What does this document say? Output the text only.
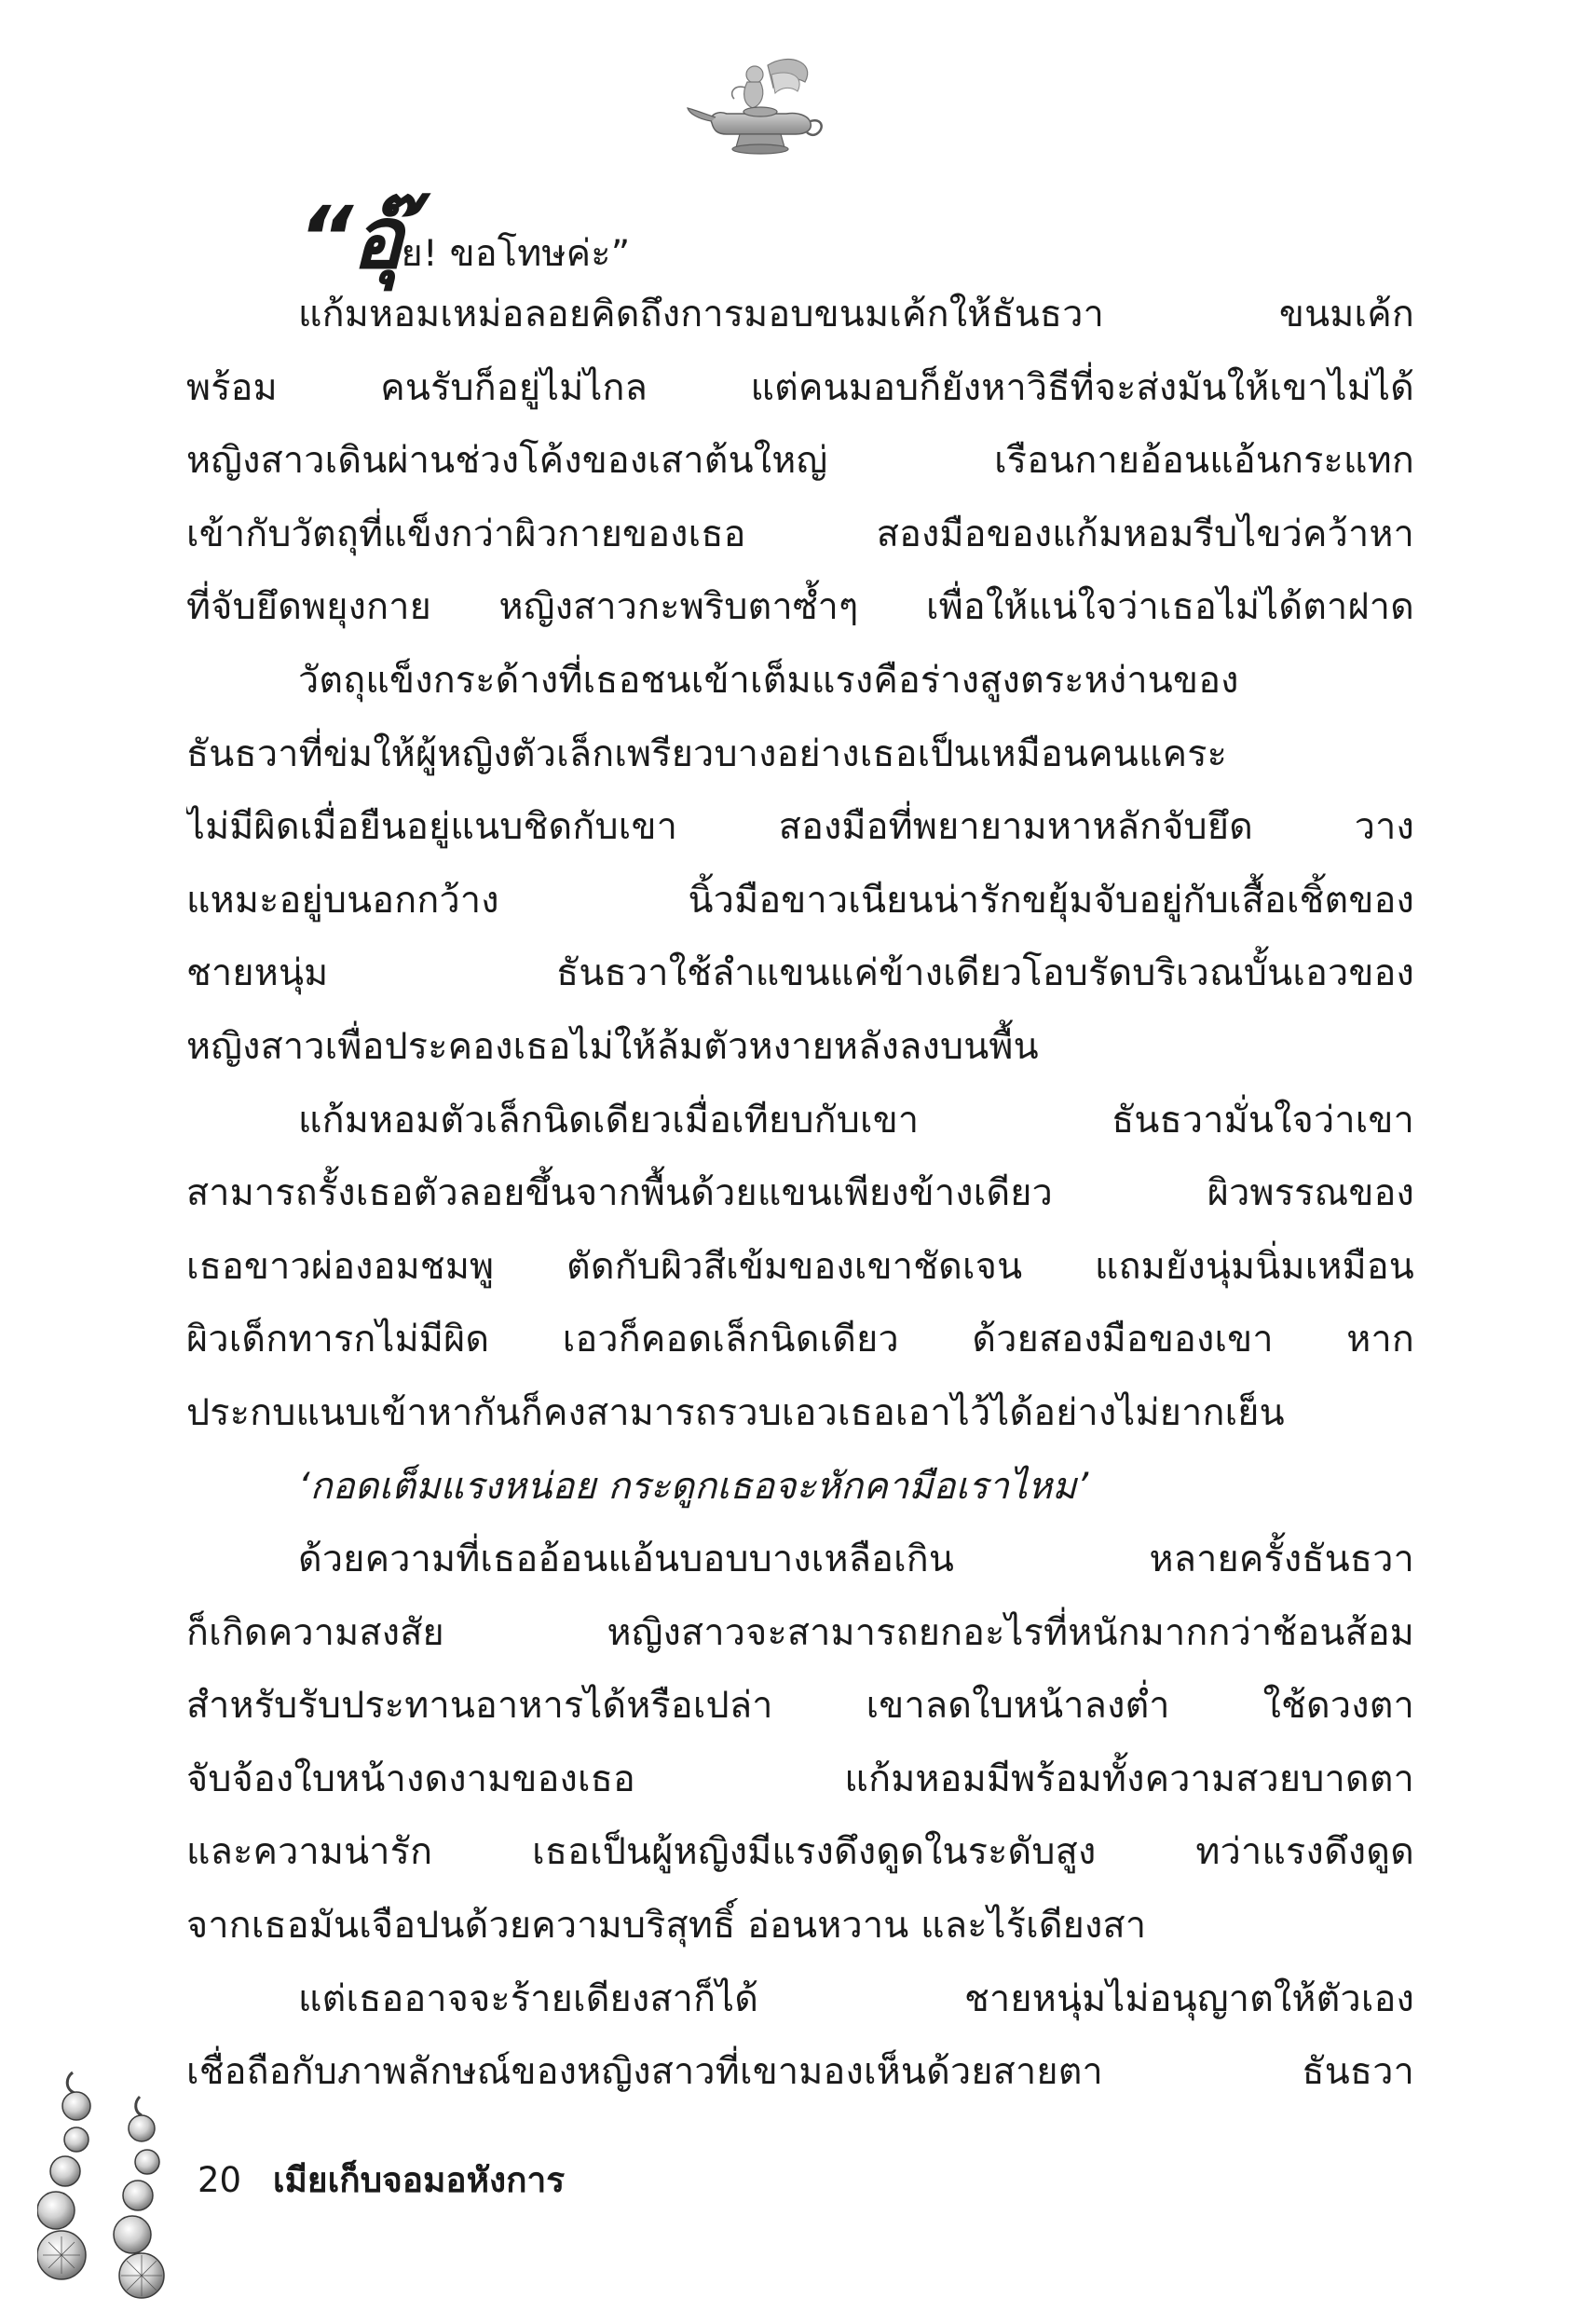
“อุ๊ย! ขอโทษค่ะ”
แก้มหอมเหม่อลอยคิดถึงการมอบขนมเค้กให้ธันธวา ขนมเค้ก
พร้อม คนรับก็อยู่ไม่ไกล แต่คนมอบก็ยังหาวิธีที่จะส่งมันให้เขาไม่ได้
หญิงสาวเดินผ่านช่วงโค้งของเสาต้นใหญ่ เรือนกายอ้อนแอ้นกระแทก
เข้ากับวัตถุที่แข็งกว่าผิวกายของเธอ สองมือของแก้มหอมรีบไขว่คว้าหา
ที่จับยึดพยุงกาย หญิงสาวกะพริบตาซ้ำๆ เพื่อให้แน่ใจว่าเธอไม่ได้ตาฝาด
วัตถุแข็งกระด้างที่เธอชนเข้าเต็มแรงคือร่างสูงตระหง่านของ
ธันธวาที่ข่มให้ผู้หญิงตัวเล็กเพรียวบางอย่างเธอเป็นเหมือนคนแคระ
ไม่มีผิดเมื่อยืนอยู่แนบชิดกับเขา สองมือที่พยายามหาหลักจับยึด วาง
แหมะอยู่บนอกกว้าง นิ้วมือขาวเนียนน่ารักขยุ้มจับอยู่กับเสื้อเชิ้ตของ
ชายหนุ่ม ธันธวาใช้ลำแขนแค่ข้างเดียวโอบรัดบริเวณบั้นเอวของ
หญิงสาวเพื่อประคองเธอไม่ให้ล้มตัวหงายหลังลงบนพื้น
แก้มหอมตัวเล็กนิดเดียวเมื่อเทียบกับเขา ธันธวามั่นใจว่าเขา
สามารถรั้งเธอตัวลอยขึ้นจากพื้นด้วยแขนเพียงข้างเดียว ผิวพรรณของ
เธอขาวผ่องอมชมพู ตัดกับผิวสีเข้มของเขาชัดเจน แถมยังนุ่มนิ่มเหมือน
ผิวเด็กทารกไม่มีผิด เอวก็คอดเล็กนิดเดียว ด้วยสองมือของเขา หาก
ประกบแนบเข้าหากันก็คงสามารถรวบเอวเธอเอาไว้ได้อย่างไม่ยากเย็น
‘กอดเต็มแรงหน่อย กระดูกเธอจะหักคามือเราไหม’
ด้วยความที่เธออ้อนแอ้นบอบบางเหลือเกิน หลายครั้งธันธวา
ก็เกิดความสงสัย หญิงสาวจะสามารถยกอะไรที่หนักมากกว่าช้อนส้อม
สำหรับรับประทานอาหารได้หรือเปล่า เขาลดใบหน้าลงต่ำ ใช้ดวงตา
จับจ้องใบหน้างดงามของเธอ แก้มหอมมีพร้อมทั้งความสวยบาดตา
และความน่ารัก เธอเป็นผู้หญิงมีแรงดึงดูดในระดับสูง ทว่าแรงดึงดูด
จากเธอมันเจือปนด้วยความบริสุทธิ์ อ่อนหวาน และไร้เดียงสา
แต่เธออาจจะร้ายเดียงสาก็ได้ ชายหนุ่มไม่อนุญาตให้ตัวเอง
เชื่อถือกับภาพลักษณ์ของหญิงสาวที่เขามองเห็นด้วยสายตา ธันธวา
20 เมียเก็บจอมอหังการ
